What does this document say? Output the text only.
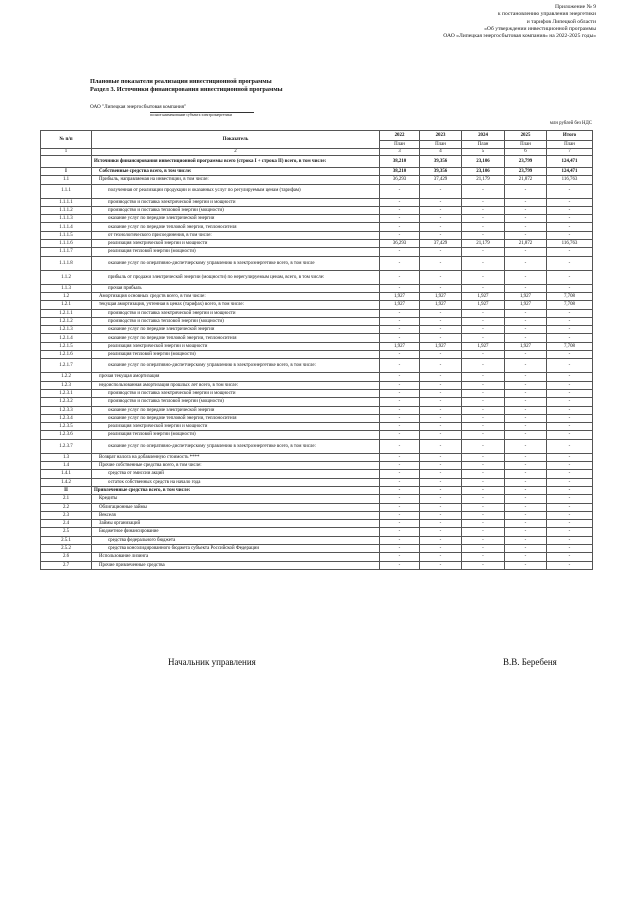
Приложение № 9
к постановлению управления энергетики
и тарифов Липецкой области
«Об утверждении инвестиционной программы
ОАО «Липецкая энергосбытовая компания» на 2022-2025 годы»
Плановые показатели реализации инвестиционной программы
Раздел 3. Источники финансирования инвестиционной программы
ОАО "Липецкая энергосбытовая компания"
полное наименование субъекта электроэнергетики
млн рублей без НДС
№ п/п	Показатель	2022	2023	2024	2025	Итого
		План	План	План	План	План
1	2	3	4	5	6	7
	Источники финансирования инвестиционной программы всего (строка I + строка II) всего, в том числе:	38,210	39,356	23,106	23,799	124,471
I	Собственные средства всего, в том числе:	38,210	39,356	23,106	23,799	124,471
1.1	Прибыль, направляемая на инвестиции, в том числе:	36,293	37,429	21,179	21,872	116,763
1.1.1	полученная от реализации продукции и оказанных услуг по регулируемым ценам (тарифам)	-	-	-	-	-
1.1.1.1	производство и поставка электрической энергии и мощности	-	-	-	-	-
1.1.1.2	производство и поставка тепловой энергии (мощности)	-	-	-	-	-
1.1.1.3	оказание услуг по передаче электрической энергии	-	-	-	-	-
1.1.1.4	оказание услуг по передаче тепловой энергии, теплоносителя	-	-	-	-	-
1.1.1.5	от технологического присоединения, в том числе:	-	-	-	-	-
1.1.1.6	реализация электрической энергии и мощности	36,293	37,429	21,179	21,872	116,763
1.1.1.7	реализация тепловой энергии (мощности)	-	-	-	-	-
1.1.1.8	оказание услуг по оперативно-диспетчерскому управлению в электроэнергетике всего, в том числе	-	-	-	-	-
1.1.2	прибыль от продажи электрической энергии (мощности) по нерегулируемым ценам, всего, в том числе:	-	-	-	-	-
1.1.3	прочая прибыль	-	-	-	-	-
1.2	Амортизация основных средств всего, в том числе:	1,927	1,927	1,927	1,927	7,708
1.2.1	текущая амортизация, учтенная в ценах (тарифах) всего, в том числе:	1,927	1,927	1,927	1,927	7,708
1.2.1.1	производство и поставка электрической энергии и мощности	-	-	-	-	-
1.2.1.2	производство и поставка тепловой энергии (мощности)	-	-	-	-	-
1.2.1.3	оказание услуг по передаче электрической энергии	-	-	-	-	-
1.2.1.4	оказание услуг по передаче тепловой энергии, теплоносителя	-	-	-	-	-
1.2.1.5	реализация электрической энергии и мощности	1,927	1,927	1,927	1,927	7,708
1.2.1.6	реализация тепловой энергии (мощности)	-	-	-	-	-
1.2.1.7	оказание услуг по оперативно-диспетчерскому управлению в электроэнергетике всего, в том числе:	-	-	-	-	-
1.2.2	прочая текущая амортизация	-	-	-	-	-
1.2.3	недоиспользованная амортизация прошлых лет всего, в том числе:	-	-	-	-	-
1.2.3.1	производство и поставка электрической энергии и мощности	-	-	-	-	-
1.2.3.2	производство и поставка тепловой энергии (мощности)	-	-	-	-	-
1.2.3.3	оказание услуг по передаче электрической энергии	-	-	-	-	-
1.2.3.4	оказание услуг по передаче тепловой энергии, теплоносителя	-	-	-	-	-
1.2.3.5	реализация электрической энергии и мощности	-	-	-	-	-
1.2.3.6	реализация тепловой энергии (мощности)	-	-	-	-	-
1.2.3.7	оказание услуг по оперативно-диспетчерскому управлению в электроэнергетике всего, в том числе:	-	-	-	-	-
1.3	Возврат налога на добавленную стоимость ****	-	-	-	-	-
1.4	Прочие собственные средства всего, в том числе:	-	-	-	-	-
1.4.1	средства от эмиссии акций	-	-	-	-	-
1.4.2	остаток собственных средств на начало года	-	-	-	-	-
II	Привлеченные средства всего, в том числе:	-	-	-	-	-
2.1	Кредиты	-	-	-	-	-
2.2	Облигационные займы	-	-	-	-	-
2.3	Векселя	-	-	-	-	-
2.4	Займы организаций	-	-	-	-	-
2.5	Бюджетное финансирование	-	-	-	-	-
2.5.1	средства федерального бюджета	-	-	-	-	-
2.5.2	средства консолидированного бюджета субъекта Российской Федерации	-	-	-	-	-
2.6	Использование лизинга	-	-	-	-	-
2.7	Прочие привлеченные средства	-	-	-	-	-
Начальник управления	В.В. Беребеня
